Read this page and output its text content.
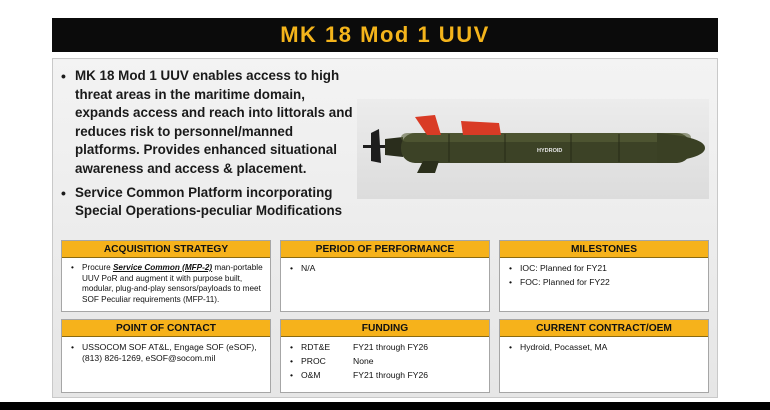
MK 18 Mod 1 UUV
• MK 18 Mod 1 UUV enables access to high threat areas in the maritime domain, expands access and reach into littorals and reduces risk to personnel/manned platforms. Provides enhanced situational awareness and access & placement.
• Service Common Platform incorporating Special Operations-peculiar Modifications
HYDROID
ACQUISITION STRATEGY
• Procure Service Common (MFP-2) man-portable UUV PoR and augment it with purpose built, modular, plug-and-play sensors/payloads to meet SOF Peculiar requirements (MFP-11).
PERIOD OF PERFORMANCE
• N/A
MILESTONES
• IOC: Planned for FY21
• FOC: Planned for FY22
POINT OF CONTACT
• USSOCOM SOF AT&L, Engage SOF (eSOF), (813) 826-1269, eSOF@socom.mil
FUNDING
• RDT&E	FY21 through FY26
• PROC	None
• O&M	FY21 through FY26
CURRENT CONTRACT/OEM
• Hydroid, Pocasset, MA
